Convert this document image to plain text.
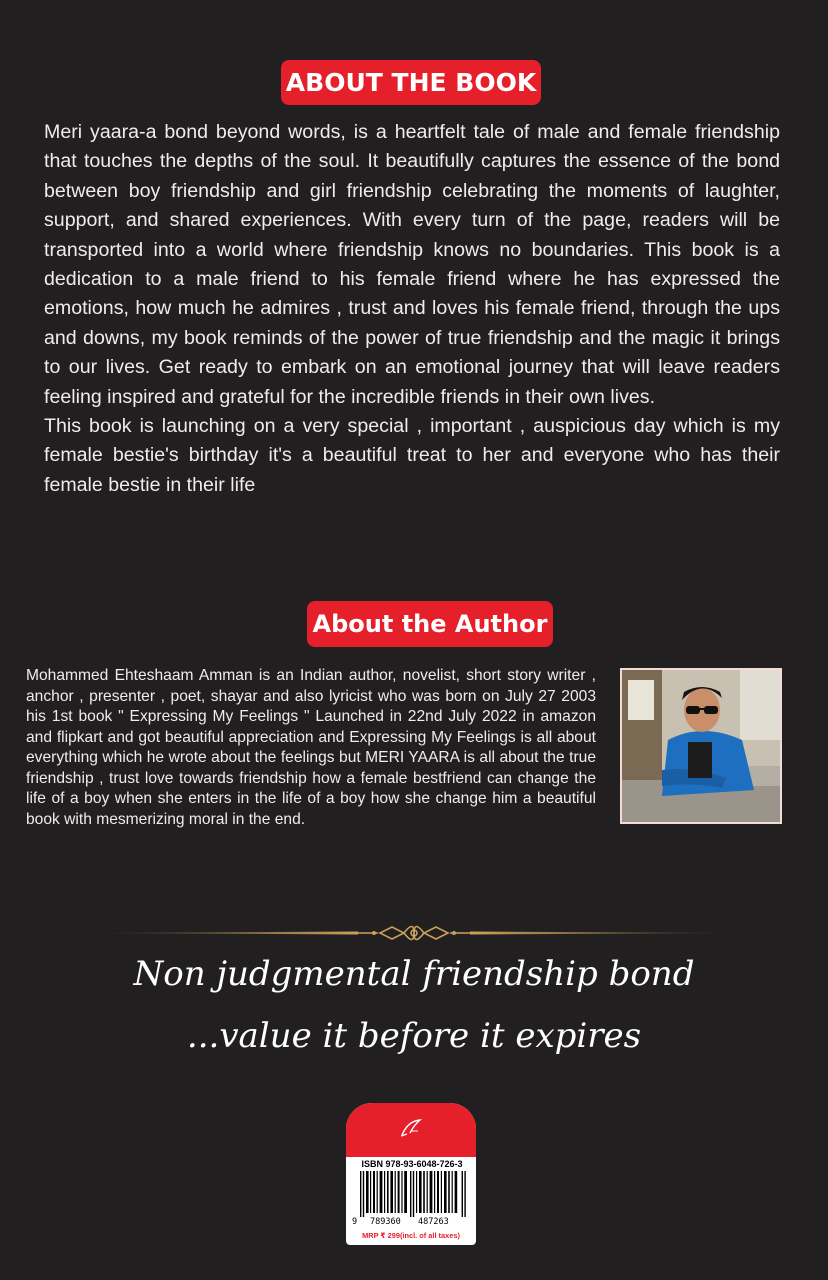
ABOUT THE BOOK

Meri yaara-a bond beyond words, is a heartfelt tale of male and female friendship that touches the depths of the soul. It beautifully captures the essence of the bond between boy friendship and girl friendship celebrating the moments of laughter, support, and shared experiences. With every turn of the page, readers will be transported into a world where friendship knows no boundaries. This book is a dedication to a male friend to his female friend where he has expressed the emotions, how much he admires , trust and loves his female friend, through the ups and downs, my book reminds of the power of true friendship and the magic it brings to our lives. Get ready to embark on an emotional journey that will leave readers feeling inspired and grateful for the incredible friends in their own lives.

This book is launching on a very special , important , auspicious day which is my female bestie's birthday it's a beautiful treat to her and everyone who has their female bestie in their life

About the Author
Mohammed Ehteshaam Amman is an Indian author, novelist, short story writer , anchor , presenter , poet, shayar and also lyricist who was born on July 27 2003 his 1st book " Expressing My Feelings " Launched in 22nd July 2022 in amazon and flipkart and got beautiful appreciation and Expressing My Feelings is all about everything which he wrote about the feelings but MERI YAARA is all about the true friendship , trust love towards friendship how a female bestfriend can change the life of a boy when she enters in the life of a boy how she change him a beautiful book with mesmerizing moral in the end.
Non judgmental friendship bond
...value it before it expires
ISBN 978-93-6048-726-3
9 789360 487263
MRP ₹ 299(incl. of all taxes)
